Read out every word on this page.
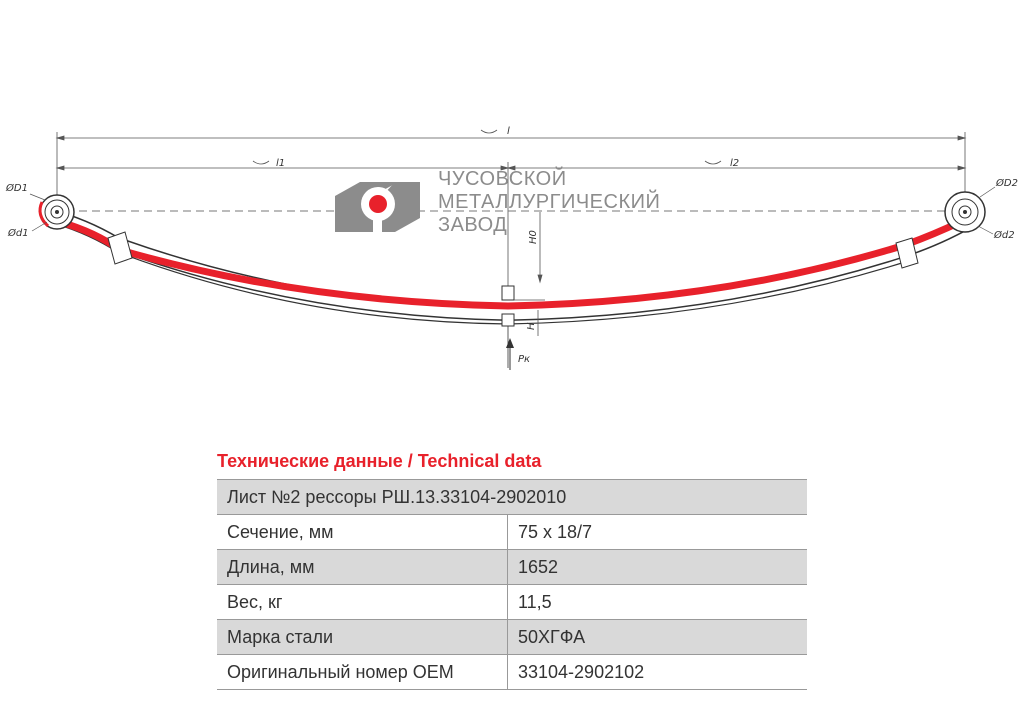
l
l1	l2
H0
H
Pк
ØD1
Ød1
ØD2
Ød2
ЧУСОВСКОЙ
МЕТАЛЛУРГИЧЕСКИЙ
ЗАВОД
Технические данные / Technical data
Лист №2 рессоры РШ.13.33104-2902010	
Сечение, мм	75 x 18/7
Длина, мм	1652
Вес, кг	11,5
Марка стали	50ХГФА
Оригинальный номер OEM	33104-2902102
